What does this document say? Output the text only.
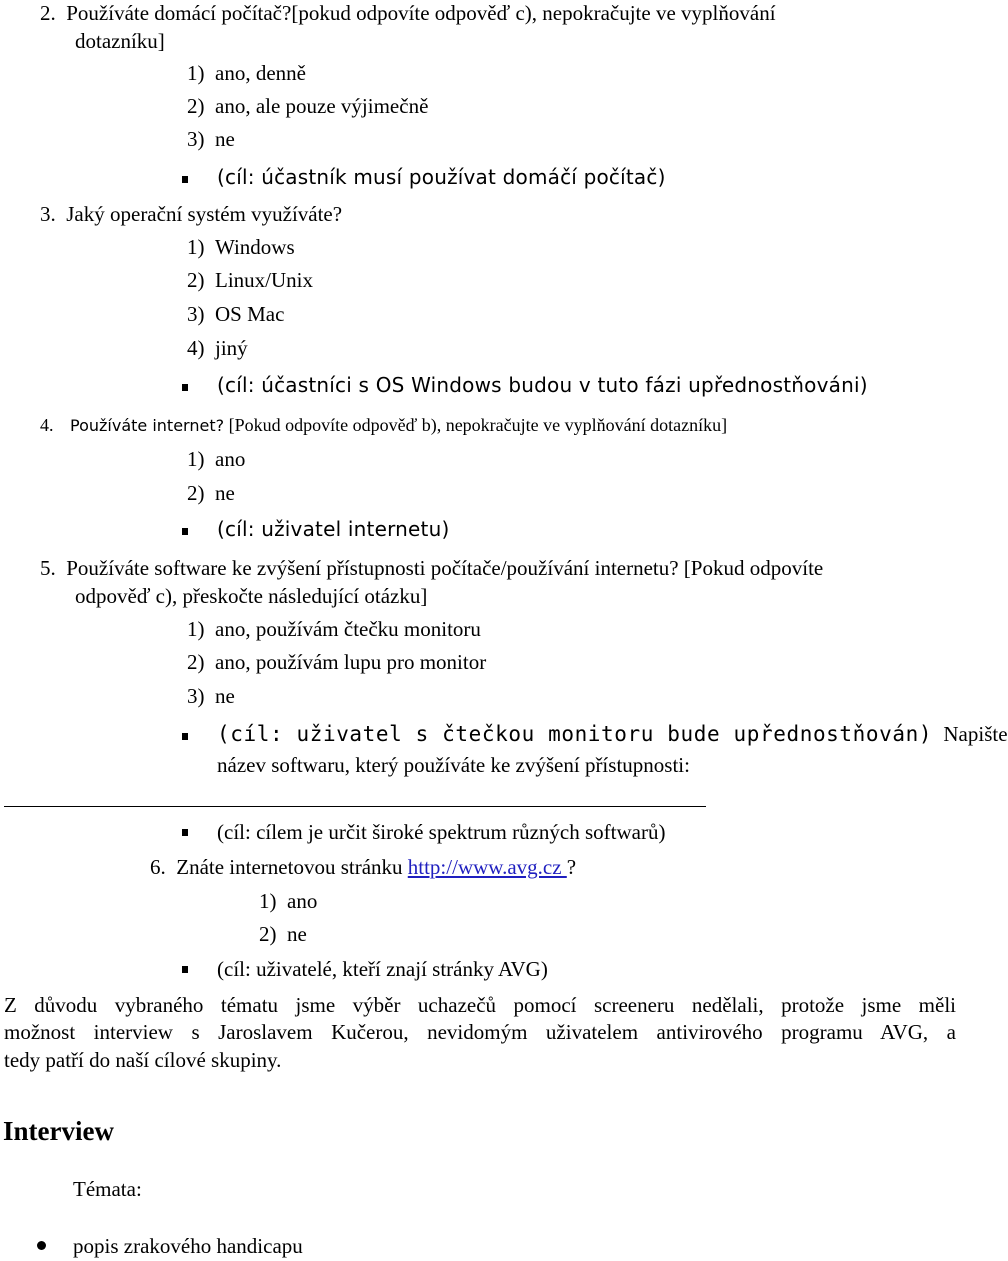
2.  Používáte domácí počítač?[pokud odpovíte odpověď c), nepokračujte ve vyplňování
dotazníku]
1)  ano, denně
2)  ano, ale pouze výjimečně
3)  ne
(cíl: účastník musí používat domáčí počítač)
3.  Jaký operační systém využíváte?
1)  Windows
2)  Linux/Unix
3)  OS Mac
4)  jiný
(cíl: účastníci s OS Windows budou v tuto fázi upřednostňováni)
4. Používáte internet? [Pokud odpovíte odpověď b), nepokračujte ve vyplňování dotazníku]
1)  ano
2)  ne
(cíl: uživatel internetu)
5.  Používáte software ke zvýšení přístupnosti počítače/používání internetu? [Pokud odpovíte
odpověď c), přeskočte následující otázku]
1)  ano, používám čtečku monitoru
2)  ano, používám lupu pro monitor
3)  ne
(cíl: uživatel s čtečkou monitoru bude upřednostňován) Napište
název softwaru, který používáte ke zvýšení přístupnosti:
(cíl: cílem je určit široké spektrum různých softwarů)
6.  Znáte internetovou stránku http://www.avg.cz ?
1)  ano
2)  ne
(cíl: uživatelé, kteří znají stránky AVG)
Z důvodu vybraného tématu jsme výběr uchazečů pomocí screeneru nedělali, protože jsme měli
možnost interview s Jaroslavem Kučerou, nevidomým uživatelem antivirového programu AVG, a
tedy patří do naší cílové skupiny.
Interview
Témata:
popis zrakového handicapu
